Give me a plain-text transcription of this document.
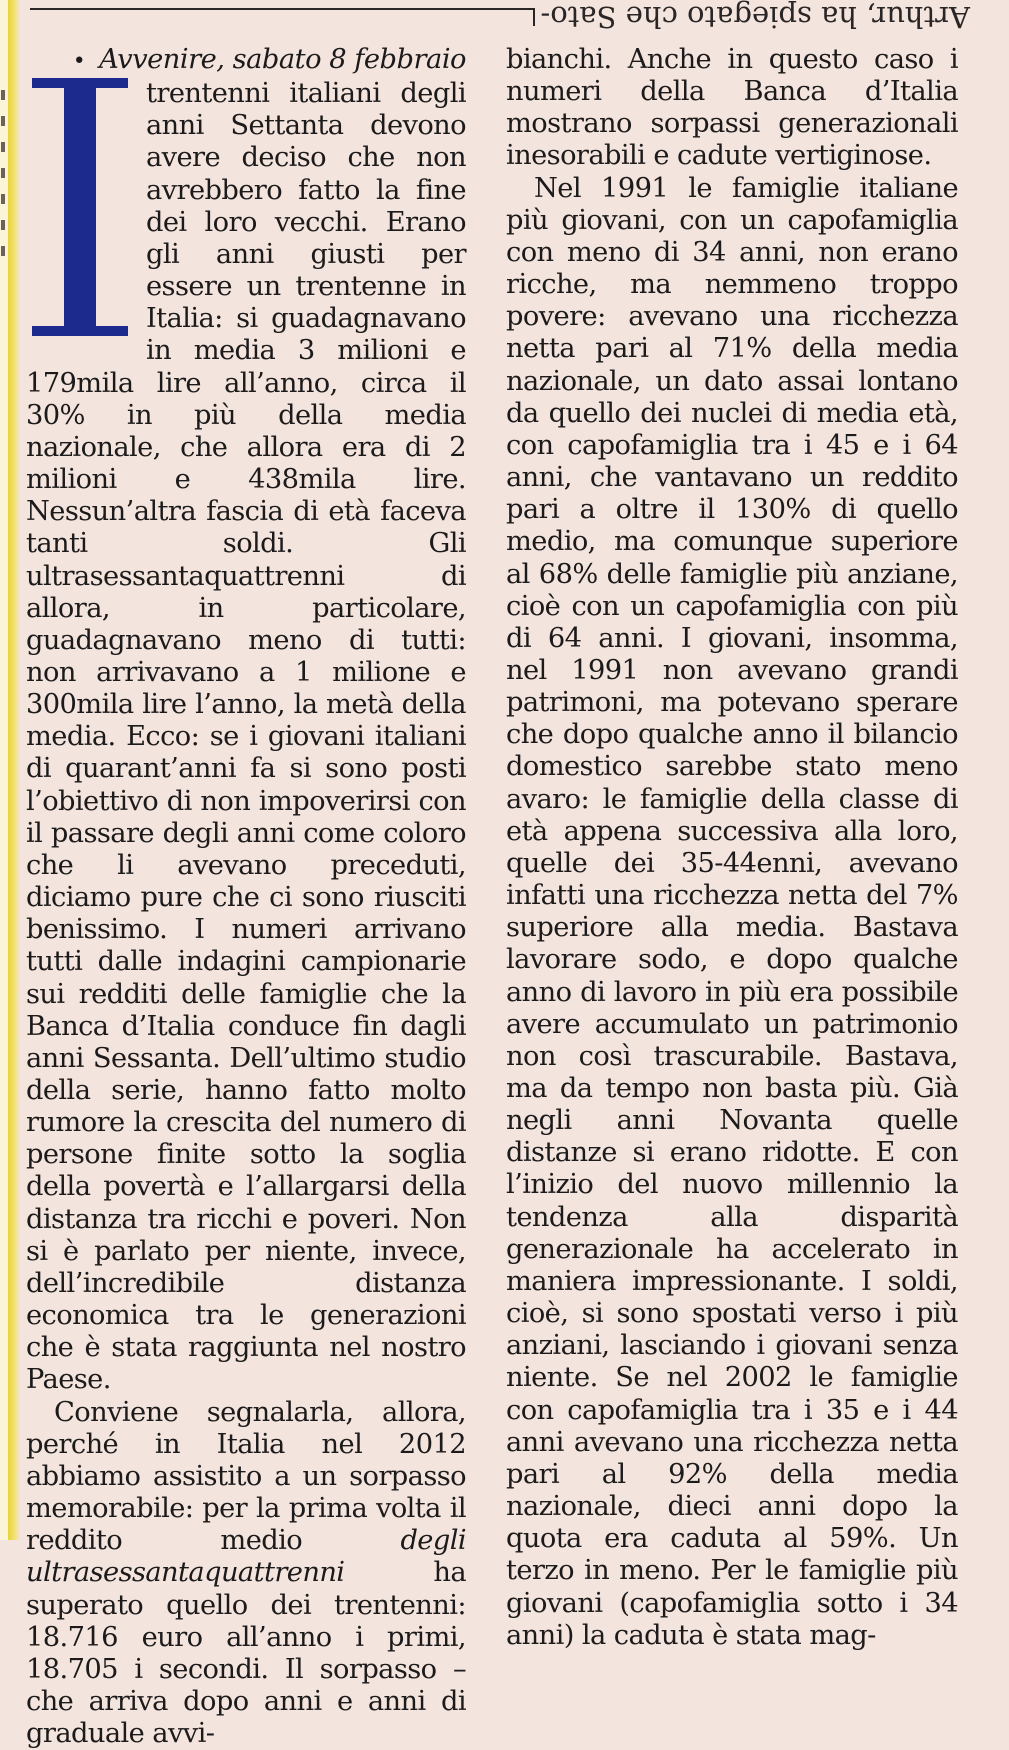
Arthur, ha spiegato che Sato-

• Avvenire, sabato 8 febbraio

trentenni italiani degli anni Settanta devono avere deciso che non avrebbero fatto la fine dei loro vecchi. Erano gli anni giusti per essere un trentenne in Italia: si guadagnavano in media 3 milioni e 179mila lire all’anno, circa il 30% in più della media nazionale, che allora era di 2 milioni e 438mila lire. Nessun’altra fascia di età faceva tanti soldi. Gli ultrasessantaquattrenni di allora, in particolare, guadagnavano meno di tutti: non arrivavano a 1 milione e 300mila lire l’anno, la metà della media. Ecco: se i giovani italiani di quarant’anni fa si sono posti l’obiettivo di non impoverirsi con il passare degli anni come coloro che li avevano preceduti, diciamo pure che ci sono riusciti benissimo. I numeri arrivano tutti dalle indagini campionarie sui redditi delle famiglie che la Banca d’Italia conduce fin dagli anni Sessanta. Dell’ultimo studio della serie, hanno fatto molto rumore la crescita del numero di persone finite sotto la soglia della povertà e l’allargarsi della distanza tra ricchi e poveri. Non si è parlato per niente, invece, dell’incredibile distanza economica tra le generazioni che è stata raggiunta nel nostro Paese.

Conviene segnalarla, allora, perché in Italia nel 2012 abbiamo assistito a un sorpasso memorabile: per la prima volta il reddito medio degli ultrasessantaquattrenni ha superato quello dei trentenni: 18.716 euro all’anno i primi, 18.705 i secondi. Il sorpasso – che arriva dopo anni e anni di graduale avvi-

bianchi. Anche in questo caso i numeri della Banca d’Italia mostrano sorpassi generazionali inesorabili e cadute vertiginose.

Nel 1991 le famiglie italiane più giovani, con un capofamiglia con meno di 34 anni, non erano ricche, ma nemmeno troppo povere: avevano una ricchezza netta pari al 71% della media nazionale, un dato assai lontano da quello dei nuclei di media età, con capofamiglia tra i 45 e i 64 anni, che vantavano un reddito pari a oltre il 130% di quello medio, ma comunque superiore al 68% delle famiglie più anziane, cioè con un capofamiglia con più di 64 anni. I giovani, insomma, nel 1991 non avevano grandi patrimoni, ma potevano sperare che dopo qualche anno il bilancio domestico sarebbe stato meno avaro: le famiglie della classe di età appena successiva alla loro, quelle dei 35-44enni, avevano infatti una ricchezza netta del 7% superiore alla media. Bastava lavorare sodo, e dopo qualche anno di lavoro in più era possibile avere accumulato un patrimonio non così trascurabile. Bastava, ma da tempo non basta più. Già negli anni Novanta quelle distanze si erano ridotte. E con l’inizio del nuovo millennio la tendenza alla disparità generazionale ha accelerato in maniera impressionante. I soldi, cioè, si sono spostati verso i più anziani, lasciando i giovani senza niente. Se nel 2002 le famiglie con capofamiglia tra i 35 e i 44 anni avevano una ricchezza netta pari al 92% della media nazionale, dieci anni dopo la quota era caduta al 59%. Un terzo in meno. Per le famiglie più giovani (capofamiglia sotto i 34 anni) la caduta è stata mag-
